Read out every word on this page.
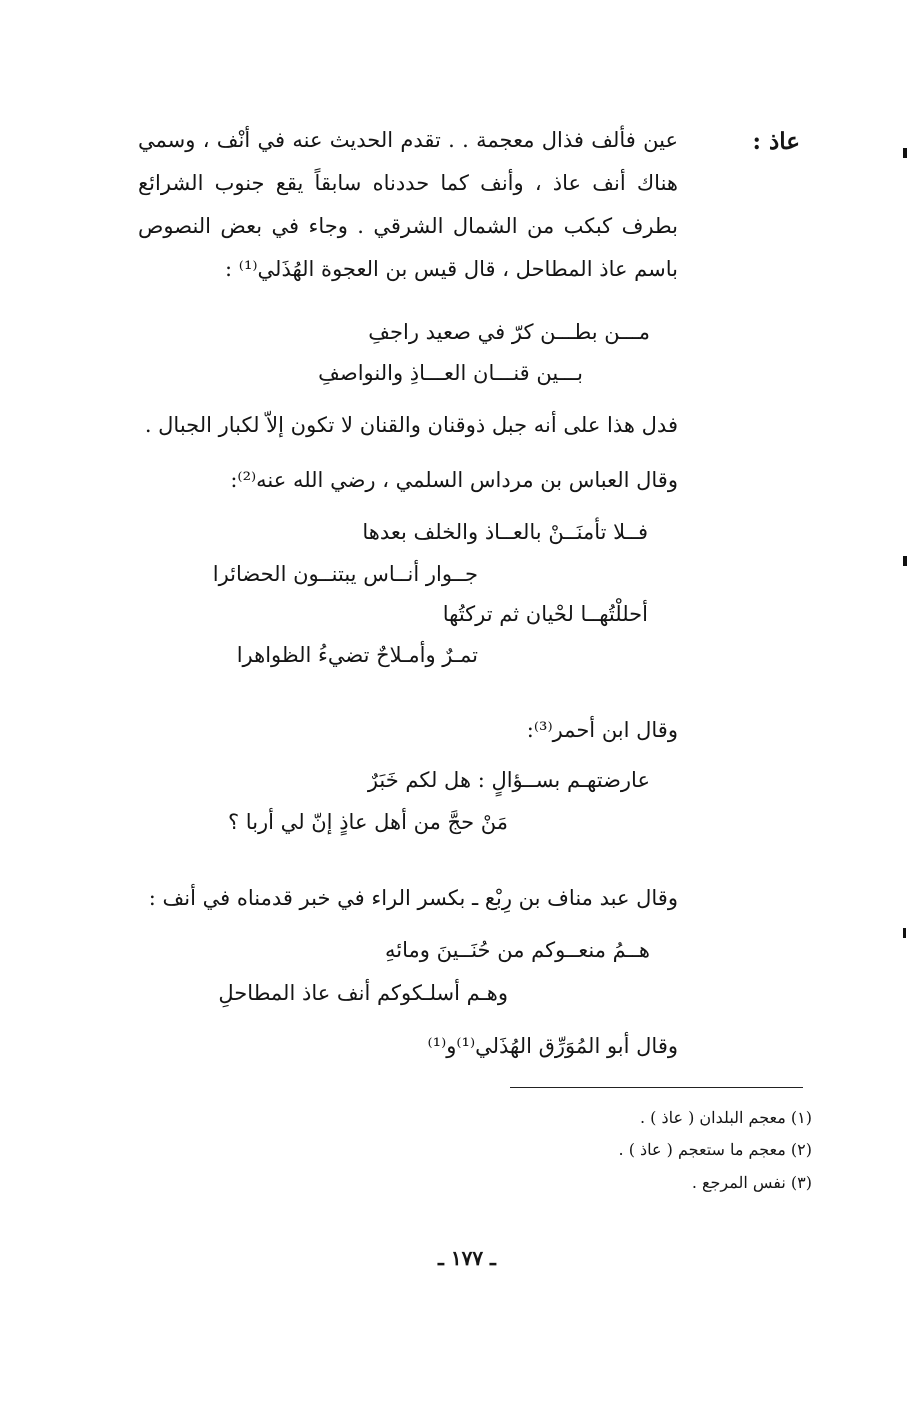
عاذ :
عين فألف فذال معجمة . . تقدم الحديث عنه في أنْف ، وسمي
هناك أنف عاذ ، وأنف كما حددناه سابقاً يقع جنوب الشرائع
بطرف كبكب من الشمال الشرقي . وجاء في بعض النصوص
باسم عاذ المطاحل ، قال قيس بن العجوة الهُذَلي⁽¹⁾ :
مـــن بطـــن كرّ في صعيد راجفِ
بـــين قنـــان العـــاذِ والنواصفِ
فدل هذا على أنه جبل ذوقنان والقنان لا تكون إلاّ لكبار الجبال .
وقال العباس بن مرداس السلمي ، رضي الله عنه⁽²⁾:
فــلا تأمنَــنْ بالعــاذ والخلف بعدها
جــوار أنــاس يبتنــون الحضائرا
أحللْتُهــا لحْيان ثم تركتُها
تمـرٌ وأمـلاحٌ تضيءُ الظواهرا
وقال ابن أحمر⁽³⁾:
عارضتهـم بســؤالٍ : هل لكم خَبَرٌ
مَنْ حجَّ من أهل عاذٍ إنّ لي أربا ؟
وقال عبد مناف بن رِبْع ـ بكسر الراء في خبر قدمناه في أنف :
هــمُ منعــوكم من حُنَــينَ ومائهِ
وهـم أسلـكوكم أنف عاذ المطاحلِ
وقال أبو المُوَرِّق الهُذَلي⁽¹⁾و⁽¹⁾
(١) معجم البلدان ( عاذ ) .
(٢) معجم ما ستعجم ( عاذ ) .
(٣) نفس المرجع .
ـ ١٧٧ ـ
